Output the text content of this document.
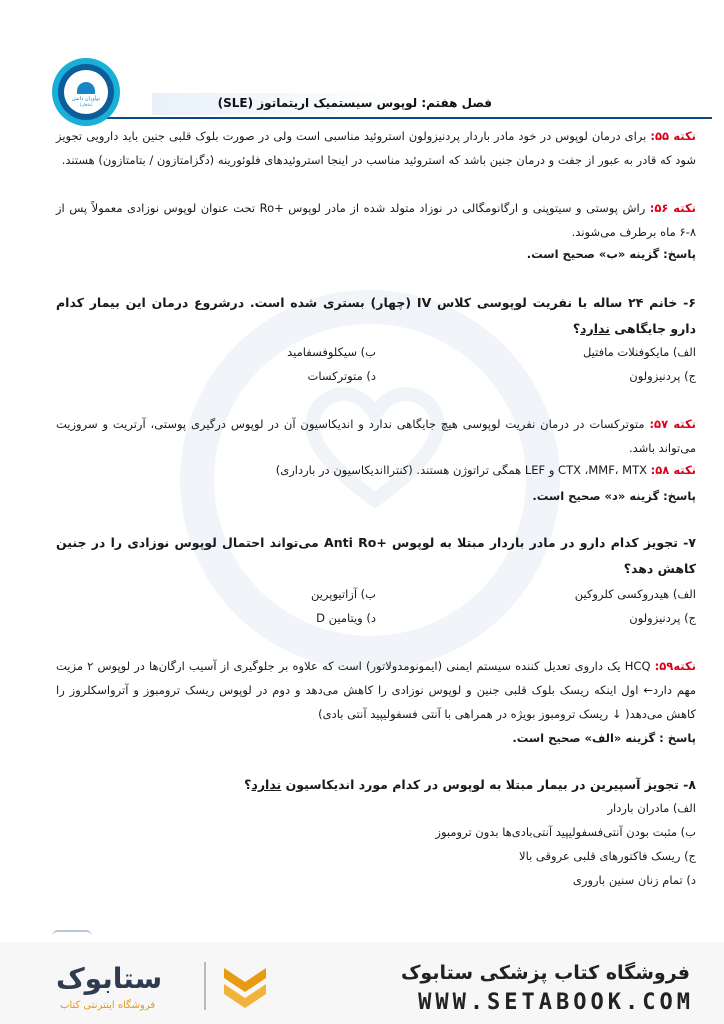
فصل هفتم: لوپوس سیستمیک اریتماتوز (SLE)
نوآوران دانش
(ماهان)

نکته ۵۵: برای درمان لوپوس در خود مادر باردار پردنیزولون استروئید مناسبی است ولی در صورت بلوک قلبی جنین باید دارویی تجویز شود که قادر به عبور از جفت و درمان جنین باشد که استروئید مناسب در اینجا استروئیدهای فلوئورینه (دگزامتازون / بتامتازون) هستند.

نکته ۵۶: راش پوستی و سیتوپنی و ارگانومگالی در نوزاد متولد شده از مادر لوپوس +Ro تحت عنوان لوپوس نوزادی معمولاً پس از ۸-۶ ماه برطرف می‌شوند.

پاسخ: گزینه «ب» صحیح است.

۶- خانم ۲۴ ساله با نفریت لوپوسی کلاس IV (چهار) بستری شده است. درشروع درمان این بیمار کدام دارو جایگاهی ندارد؟

الف) مایکوفنلات مافتیل
ب) سیکلوفسفامید
ج) پردنیزولون
د) متوترکسات

نکته ۵۷: متوترکسات در درمان نفریت لوپوسی هیچ جایگاهی ندارد و اندیکاسیون آن در لوپوس درگیری پوستی، آرتریت و سروزیت می‌تواند باشد.

نکته ۵۸: CTX ،MMF، MTX و LEF همگی تراتوژن هستند. (کنترااندیکاسیون در بارداری)

پاسخ: گزینه «د» صحیح است.

۷- تجویز کدام دارو در مادر باردار مبتلا به لوپوس +Anti Ro می‌تواند احتمال لوپوس نوزادی را در جنین کاهش دهد؟

الف) هیدروکسی کلروکین
ب) آزاتیوپرین
ج) پردنیزولون
د) ویتامین D

نکته۵۹: HCQ یک داروی تعدیل کننده سیستم ایمنی (ایمونومدولاتور) است که علاوه بر جلوگیری از آسیب ارگان‌ها در لوپوس ۲ مزیت مهم دارد← اول اینکه ریسک بلوک قلبی جنین و لوپوس نوزادی را کاهش می‌دهد و دوم در لوپوس ریسک ترومبوز و آترواسکلروز را کاهش می‌دهد( ↓ ریسک ترومبوز بویژه در همراهی با آنتی فسفولیپید آنتی بادی)

پاسخ : گزینه «الف» صحیح است.

۸- تجویز آسپیرین در بیمار مبتلا به لوپوس در کدام مورد اندیکاسیون ندارد؟

الف) مادران باردار

ب) مثبت بودن آنتی‌فسفولیپید آنتی‌بادی‌ها بدون ترومبوز

ج) ریسک فاکتورهای قلبی عروقی بالا

د) تمام زنان سنین باروری

فروشگاه کتاب پزشکی ستابوک
WWW.SETABOOK.COM
ستابوک
فروشگاه اینترنتی کتاب
